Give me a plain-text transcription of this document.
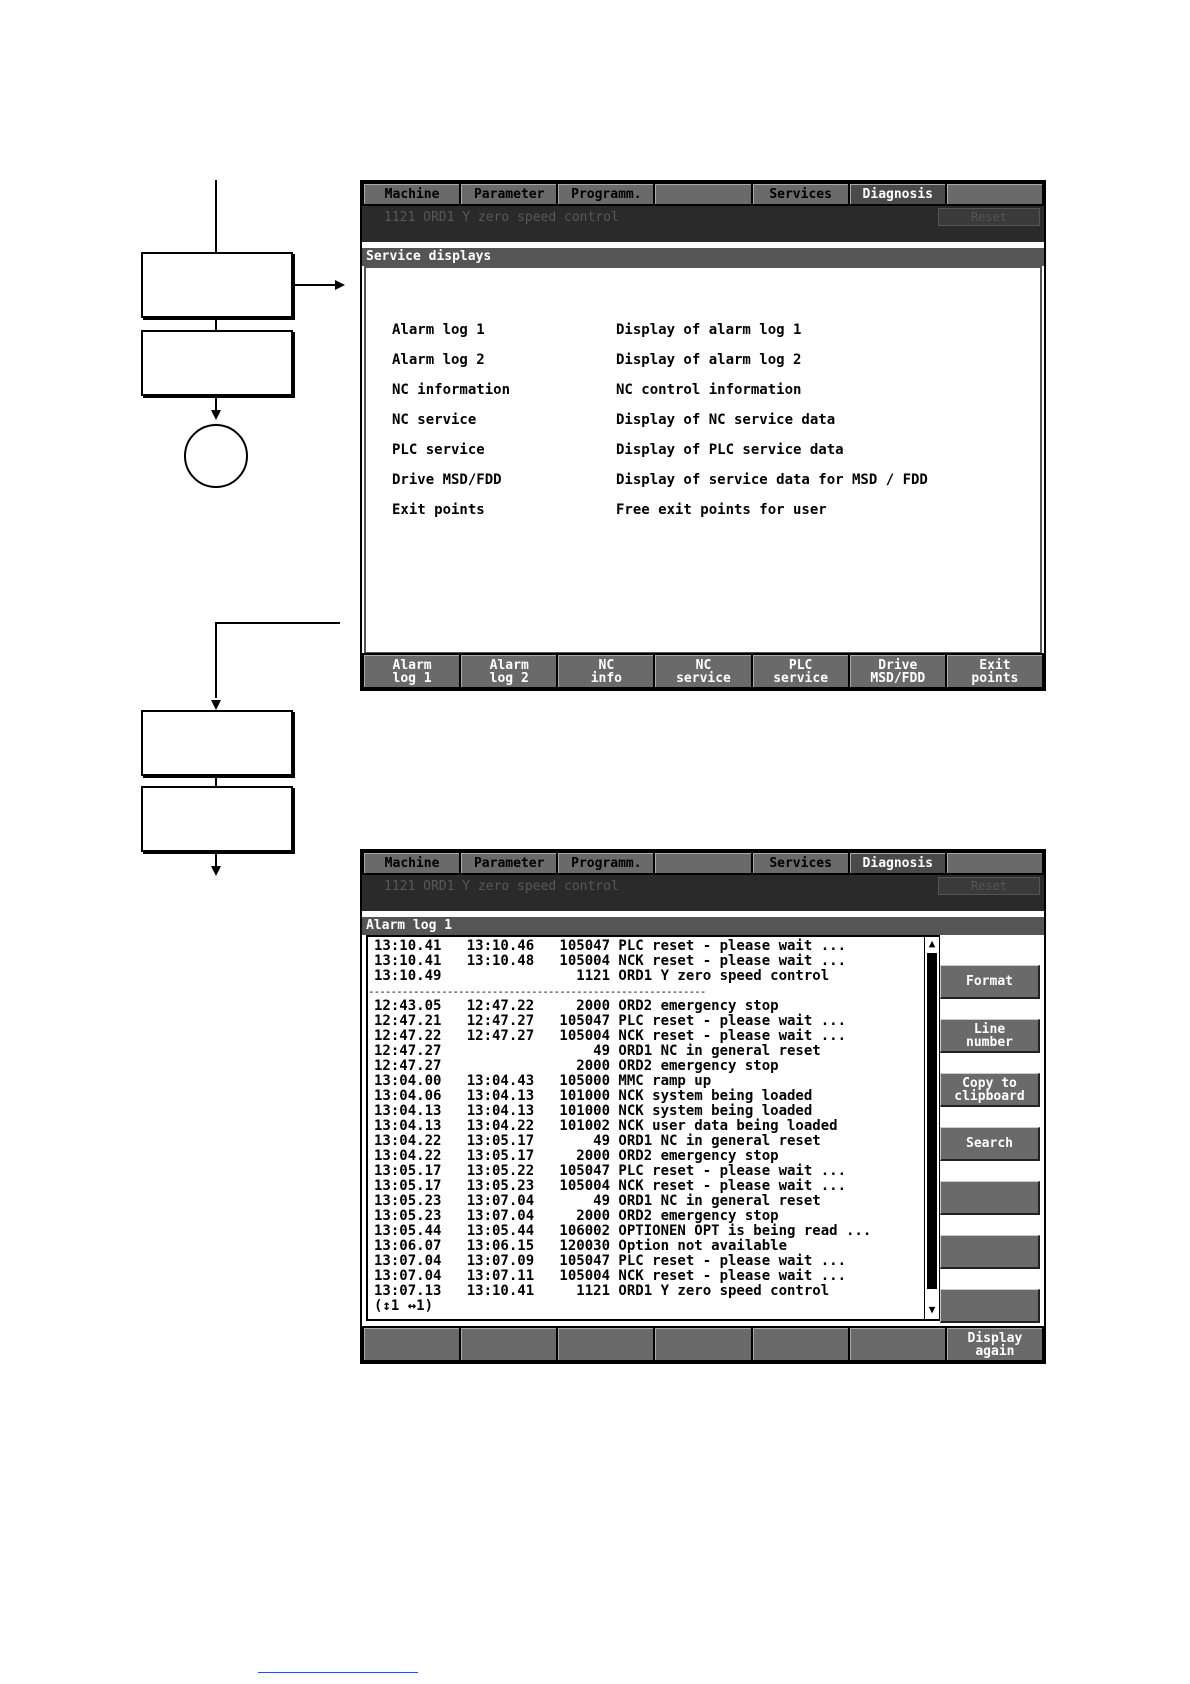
Machine	Parameter	Programm.	Services	Diagnosis
1121 ORD1 Y zero speed control	Reset
Service displays
Alarm log 1	Display of alarm log 1
Alarm log 2	Display of alarm log 2
NC information	NC control information
NC service	Display of NC service data
PLC service	Display of PLC service data
Drive MSD/FDD	Display of service data for MSD / FDD
Exit points	Free exit points for user
Alarm
log 1
Alarm
log 2
NC
info
NC
service
PLC
service
Drive
MSD/FDD
Exit
points
Machine	Parameter	Programm.	Services	Diagnosis
1121 ORD1 Y zero speed control	Reset
Alarm log 1
13:10.41   13:10.46   105047 PLC reset - please wait ...
13:10.41   13:10.48   105004 NCK reset - please wait ...
13:10.49                1121 ORD1 Y zero speed control
------------------------------------------------------------
12:43.05   12:47.22     2000 ORD2 emergency stop
12:47.21   12:47.27   105047 PLC reset - please wait ...
12:47.22   12:47.27   105004 NCK reset - please wait ...
12:47.27                  49 ORD1 NC in general reset
12:47.27                2000 ORD2 emergency stop
13:04.00   13:04.43   105000 MMC ramp up
13:04.06   13:04.13   101000 NCK system being loaded
13:04.13   13:04.13   101000 NCK system being loaded
13:04.13   13:04.22   101002 NCK user data being loaded
13:04.22   13:05.17       49 ORD1 NC in general reset
13:04.22   13:05.17     2000 ORD2 emergency stop
13:05.17   13:05.22   105047 PLC reset - please wait ...
13:05.17   13:05.23   105004 NCK reset - please wait ...
13:05.23   13:07.04       49 ORD1 NC in general reset
13:05.23   13:07.04     2000 ORD2 emergency stop
13:05.44   13:05.44   106002 OPTIONEN OPT is being read ...
13:06.07   13:06.15   120030 Option not available
13:07.04   13:07.09   105047 PLC reset - please wait ...
13:07.04   13:07.11   105004 NCK reset - please wait ...
13:07.13   13:10.41     1121 ORD1 Y zero speed control
(↕1 ↔1)
▲
▼
Format
Line
number
Copy to
clipboard
Search
Display
again
